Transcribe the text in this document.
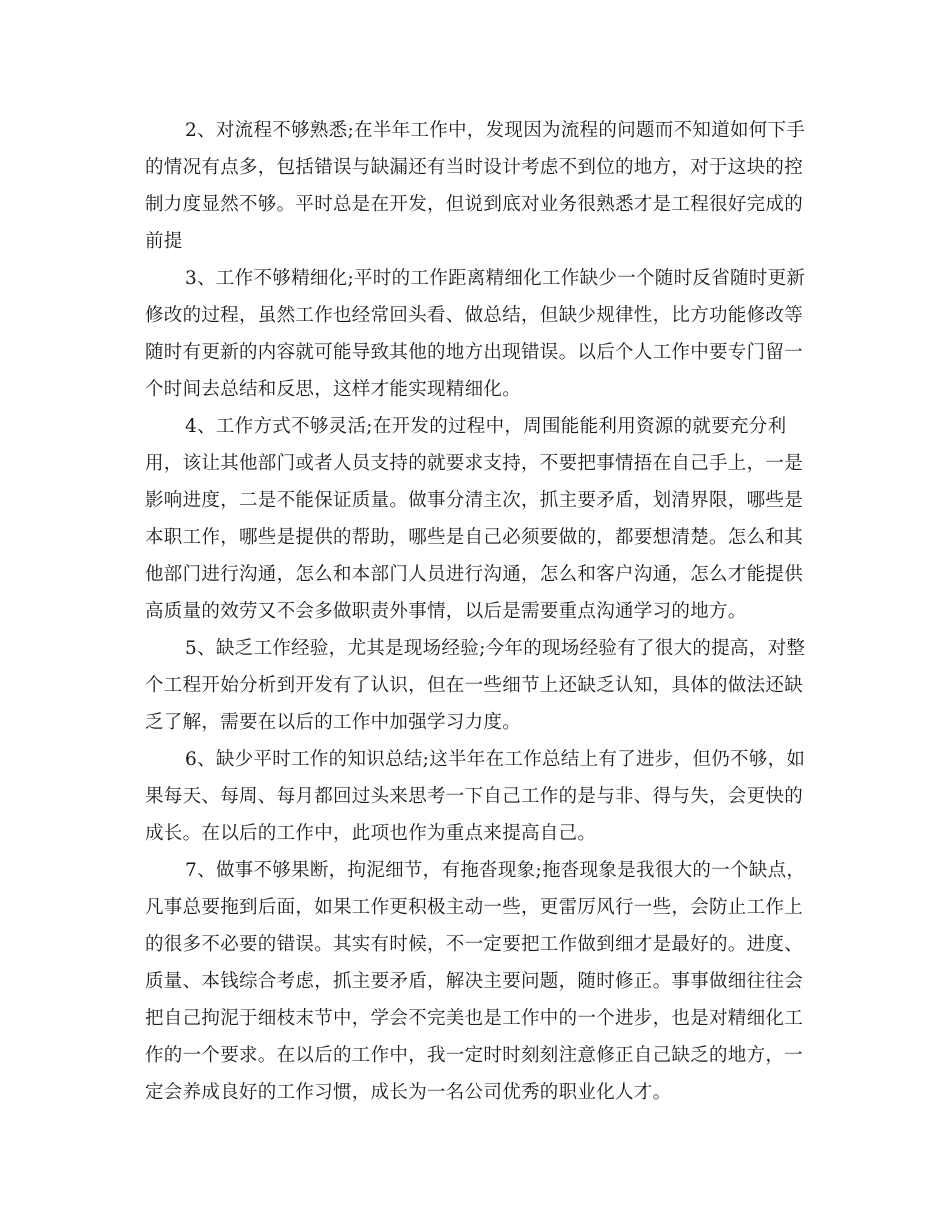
2、对流程不够熟悉;在半年工作中，发现因为流程的问题而不知道如何下手
的情况有点多，包括错误与缺漏还有当时设计考虑不到位的地方，对于这块的控
制力度显然不够。平时总是在开发，但说到底对业务很熟悉才是工程很好完成的
前提
3、工作不够精细化;平时的工作距离精细化工作缺少一个随时反省随时更新
修改的过程，虽然工作也经常回头看、做总结，但缺少规律性，比方功能修改等
随时有更新的内容就可能导致其他的地方出现错误。以后个人工作中要专门留一
个时间去总结和反思，这样才能实现精细化。
4、工作方式不够灵活;在开发的过程中，周围能能利用资源的就要充分利
用，该让其他部门或者人员支持的就要求支持，不要把事情捂在自己手上，一是
影响进度，二是不能保证质量。做事分清主次，抓主要矛盾，划清界限，哪些是
本职工作，哪些是提供的帮助，哪些是自己必须要做的，都要想清楚。怎么和其
他部门进行沟通，怎么和本部门人员进行沟通，怎么和客户沟通，怎么才能提供
高质量的效劳又不会多做职责外事情，以后是需要重点沟通学习的地方。
5、缺乏工作经验，尤其是现场经验;今年的现场经验有了很大的提高，对整
个工程开始分析到开发有了认识，但在一些细节上还缺乏认知，具体的做法还缺
乏了解，需要在以后的工作中加强学习力度。
6、缺少平时工作的知识总结;这半年在工作总结上有了进步，但仍不够，如
果每天、每周、每月都回过头来思考一下自己工作的是与非、得与失，会更快的
成长。在以后的工作中，此项也作为重点来提高自己。
7、做事不够果断，拘泥细节，有拖沓现象;拖沓现象是我很大的一个缺点，
凡事总要拖到后面，如果工作更积极主动一些，更雷厉风行一些，会防止工作上
的很多不必要的错误。其实有时候，不一定要把工作做到细才是最好的。进度、
质量、本钱综合考虑，抓主要矛盾，解决主要问题，随时修正。事事做细往往会
把自己拘泥于细枝末节中，学会不完美也是工作中的一个进步，也是对精细化工
作的一个要求。在以后的工作中，我一定时时刻刻注意修正自己缺乏的地方，一
定会养成良好的工作习惯，成长为一名公司优秀的职业化人才。
